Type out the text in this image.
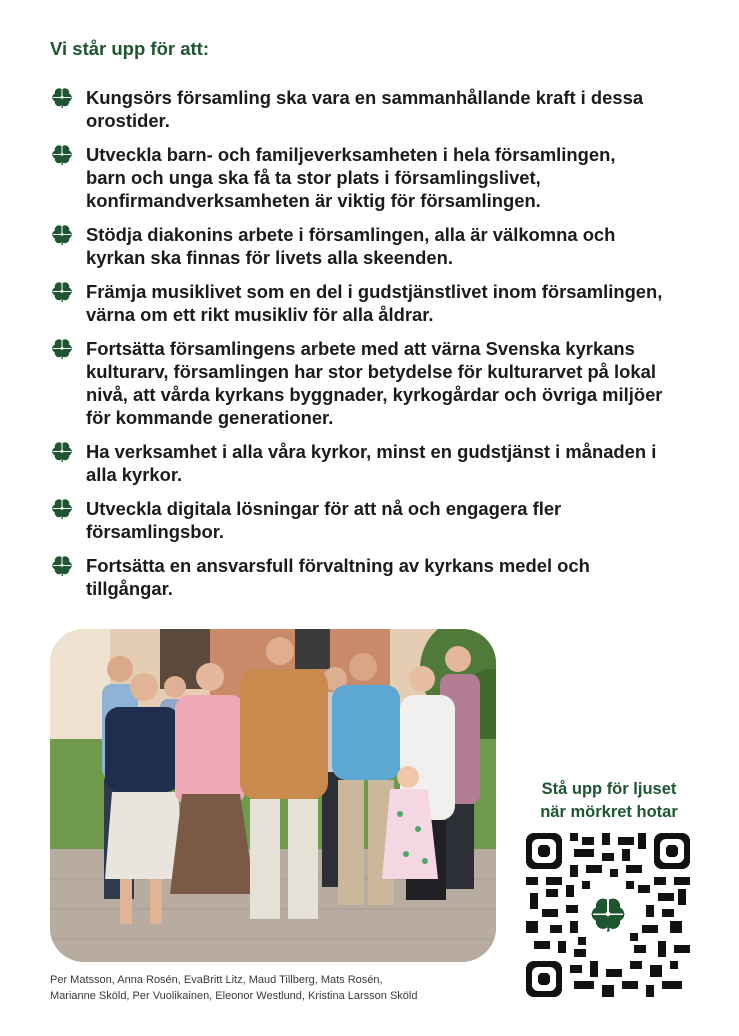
Vi står upp för att:
Kungsörs församling ska vara en sammanhållande kraft i dessa
orostider.
Utveckla barn- och familjeverksamheten i hela församlingen,
barn och unga ska få ta stor plats i församlingslivet,
konfirmandverksamheten är viktig för församlingen.
Stödja diakonins arbete i församlingen, alla är välkomna och
kyrkan ska finnas för livets alla skeenden.
Främja musiklivet som en del i gudstjänstlivet inom församlingen,
värna om ett rikt musikliv för alla åldrar.
Fortsätta församlingens arbete med att värna Svenska kyrkans
kulturarv, församlingen har stor betydelse för kulturarvet på lokal
nivå, att vårda kyrkans byggnader, kyrkogårdar och övriga miljöer
för kommande generationer.
Ha verksamhet i alla våra kyrkor, minst en gudstjänst i månaden i
alla kyrkor.
Utveckla digitala lösningar för att nå och engagera fler
församlingsbor.
Fortsätta en ansvarsfull förvaltning av kyrkans medel och
tillgångar.
Per Matsson, Anna Rosén, EvaBritt Litz, Maud Tillberg, Mats Rosén,
Marianne Sköld, Per Vuolikainen, Eleonor Westlund, Kristina Larsson Sköld
Stå upp för ljuset
när mörkret hotar
